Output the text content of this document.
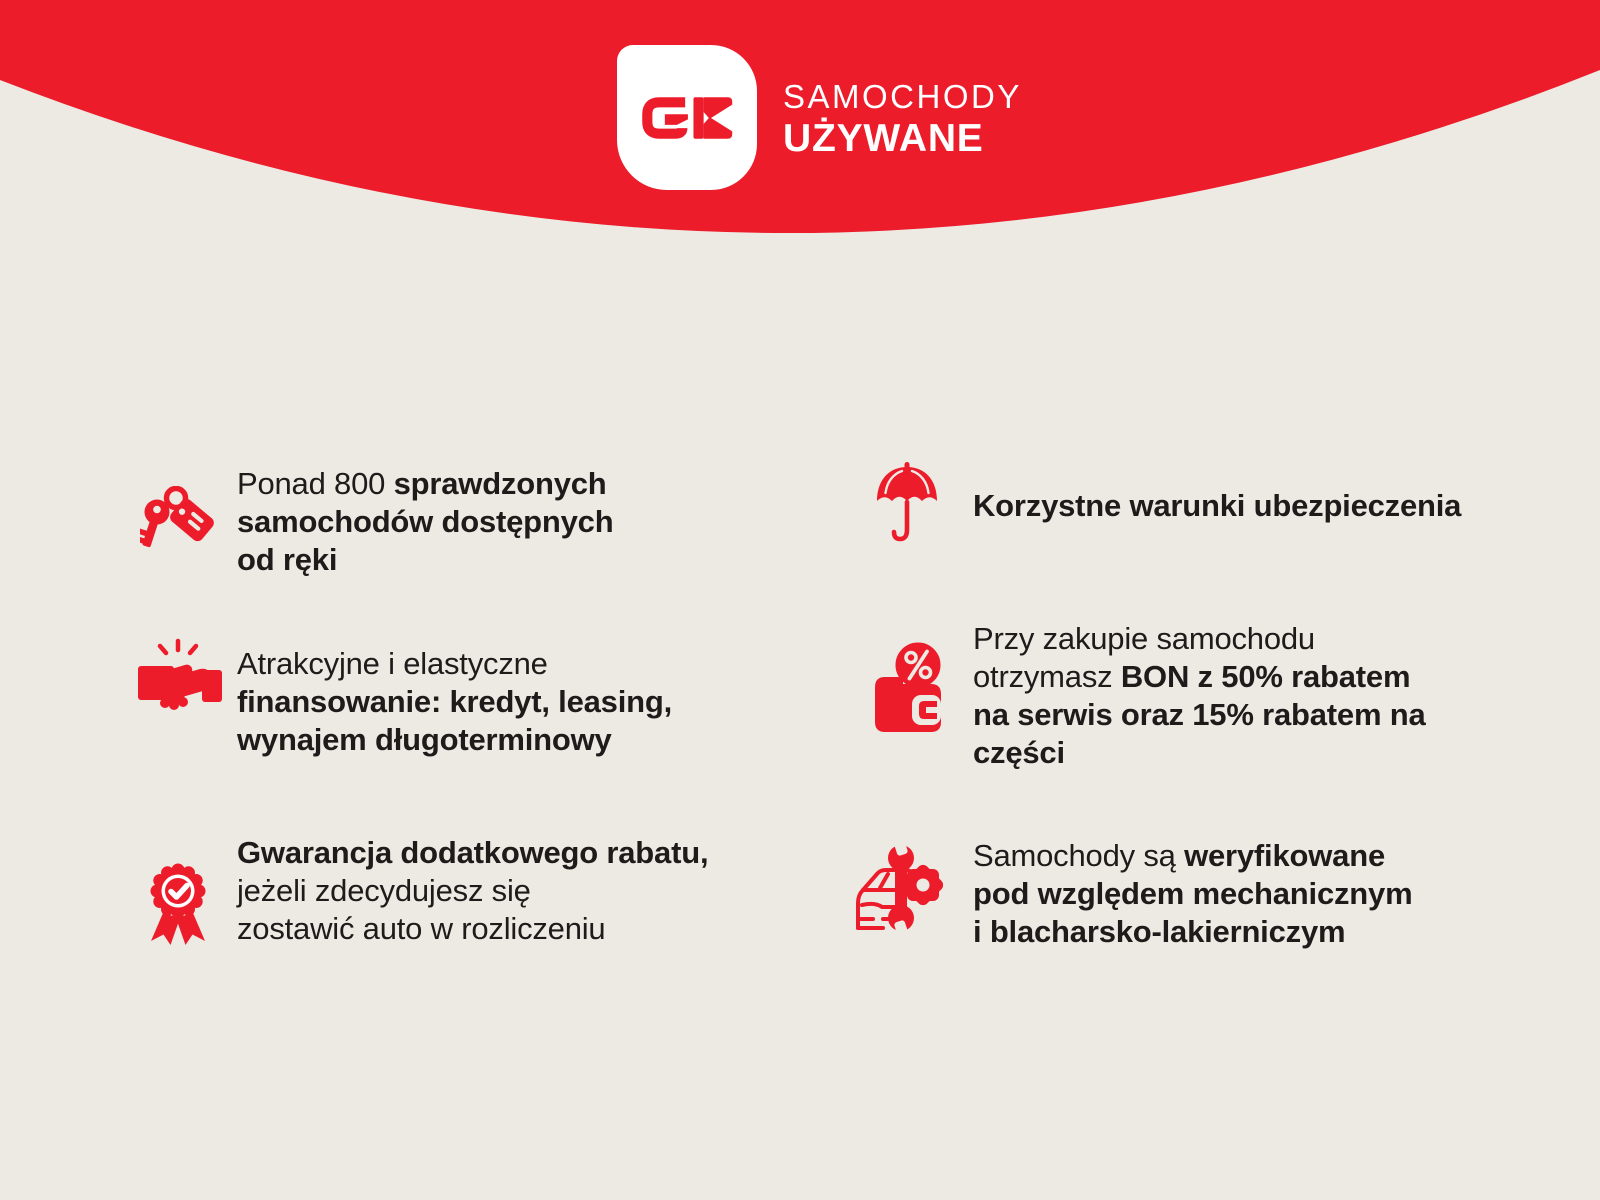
SAMOCHODY
UŻYWANE
Ponad 800 sprawdzonych
samochodów dostępnych
od ręki
Atrakcyjne i elastyczne
finansowanie: kredyt, leasing,
wynajem długoterminowy
Gwarancja dodatkowego rabatu,
jeżeli zdecydujesz się
zostawić auto w rozliczeniu
Korzystne warunki ubezpieczenia
Przy zakupie samochodu
otrzymasz BON z 50% rabatem
na serwis oraz 15% rabatem na
części
Samochody są weryfikowane
pod względem mechanicznym
i blacharsko-lakierniczym
